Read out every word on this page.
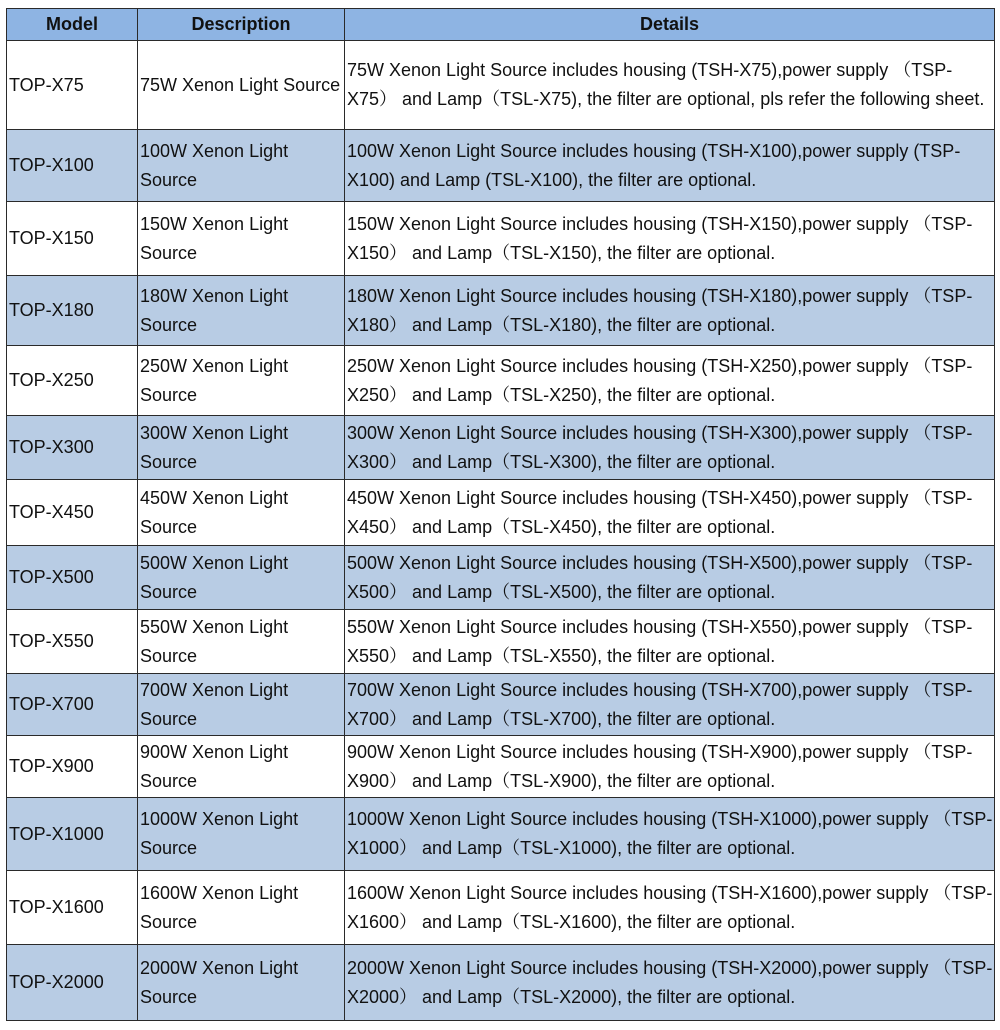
Model	Description	Details
TOP-X75	75W Xenon Light Source	75W Xenon Light Source includes housing (TSH-X75),power supply （TSP-X75） and Lamp（TSL-X75), the filter are optional, pls refer the following sheet.
TOP-X100	100W Xenon Light Source	100W Xenon Light Source includes housing (TSH-X100),power supply (TSP-X100) and Lamp (TSL-X100), the filter are optional.
TOP-X150	150W Xenon Light Source	150W Xenon Light Source includes housing (TSH-X150),power supply （TSP-X150） and Lamp（TSL-X150), the filter are optional.
TOP-X180	180W Xenon Light Source	180W Xenon Light Source includes housing (TSH-X180),power supply （TSP-X180） and Lamp（TSL-X180), the filter are optional.
TOP-X250	250W Xenon Light Source	250W Xenon Light Source includes housing (TSH-X250),power supply （TSP-X250） and Lamp（TSL-X250), the filter are optional.
TOP-X300	300W Xenon Light Source	300W Xenon Light Source includes housing (TSH-X300),power supply （TSP-X300） and Lamp（TSL-X300), the filter are optional.
TOP-X450	450W Xenon Light Source	450W Xenon Light Source includes housing (TSH-X450),power supply （TSP-X450） and Lamp（TSL-X450), the filter are optional.
TOP-X500	500W Xenon Light Source	500W Xenon Light Source includes housing (TSH-X500),power supply （TSP-X500） and Lamp（TSL-X500), the filter are optional.
TOP-X550	550W Xenon Light Source	550W Xenon Light Source includes housing (TSH-X550),power supply （TSP-X550） and Lamp（TSL-X550), the filter are optional.
TOP-X700	700W Xenon Light Source	700W Xenon Light Source includes housing (TSH-X700),power supply （TSP-X700） and Lamp（TSL-X700), the filter are optional.
TOP-X900	900W Xenon Light Source	900W Xenon Light Source includes housing (TSH-X900),power supply （TSP-X900） and Lamp（TSL-X900), the filter are optional.
TOP-X1000	1000W Xenon Light Source	1000W Xenon Light Source includes housing (TSH-X1000),power supply （TSP-X1000） and Lamp（TSL-X1000), the filter are optional.
TOP-X1600	1600W Xenon Light Source	1600W Xenon Light Source includes housing (TSH-X1600),power supply （TSP-X1600） and Lamp（TSL-X1600), the filter are optional.
TOP-X2000	2000W Xenon Light Source	2000W Xenon Light Source includes housing (TSH-X2000),power supply （TSP-X2000） and Lamp（TSL-X2000), the filter are optional.
